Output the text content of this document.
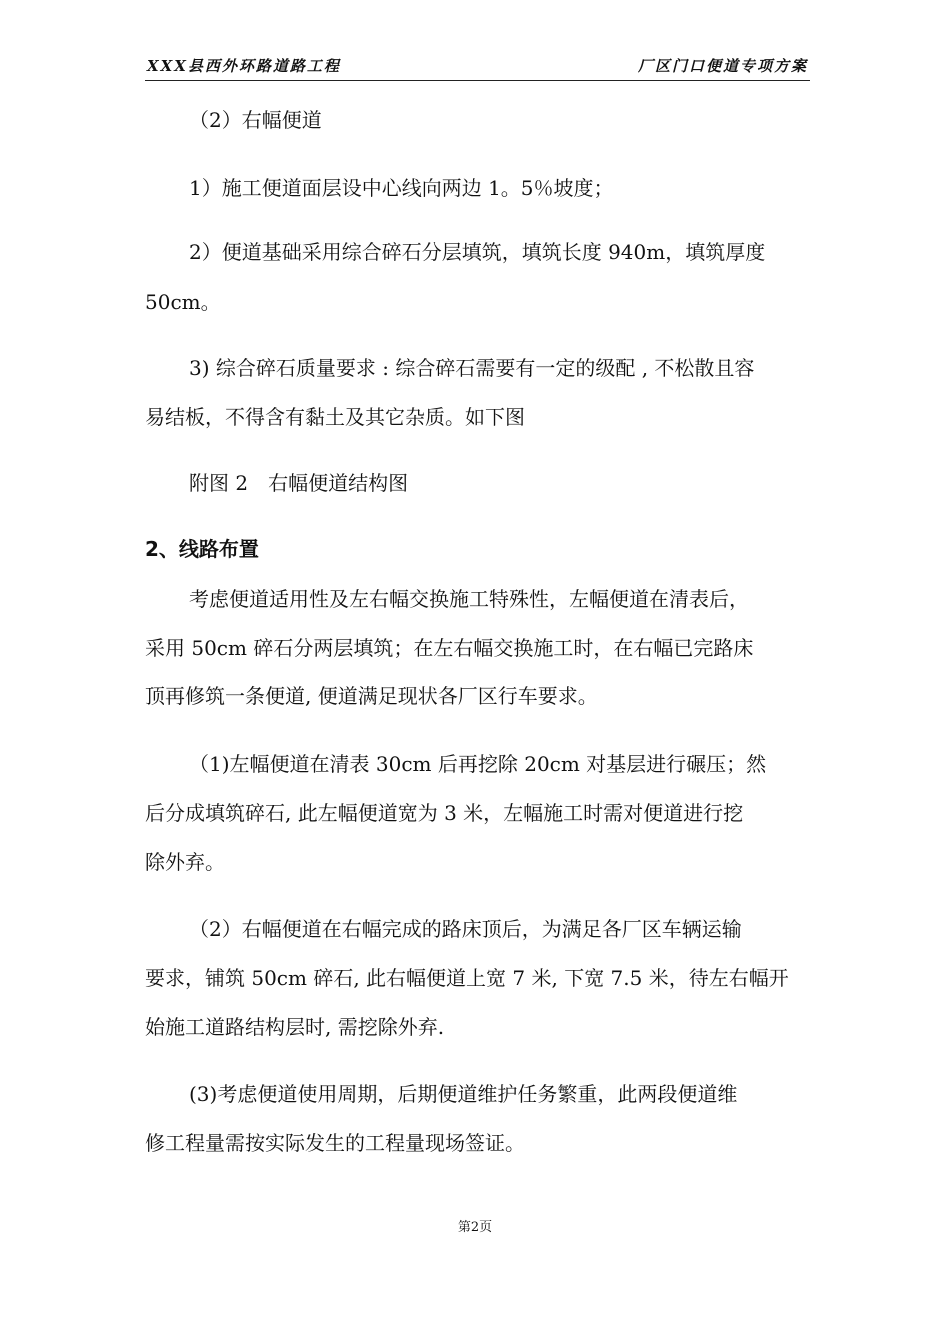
XXX县西外环路道路工程	厂区门口便道专项方案
（2）右幅便道
1）施工便道面层设中心线向两边 1。5％坡度；
2）便道基础采用综合碎石分层填筑，填筑长度 940m，填筑厚度
50cm。
3) 综合碎石质量要求 : 综合碎石需要有一定的级配 , 不松散且容
易结板，不得含有黏土及其它杂质。如下图
附图 2　右幅便道结构图
2、线路布置
考虑便道适用性及左右幅交换施工特殊性，左幅便道在清表后，
采用 50cm 碎石分两层填筑；在左右幅交换施工时，在右幅已完路床
顶再修筑一条便道, 便道满足现状各厂区行车要求。
（1)左幅便道在清表 30cm 后再挖除 20cm 对基层进行碾压；然
后分成填筑碎石, 此左幅便道宽为 3 米，左幅施工时需对便道进行挖
除外弃。
（2）右幅便道在右幅完成的路床顶后，为满足各厂区车辆运输
要求，铺筑 50cm 碎石, 此右幅便道上宽 7 米, 下宽 7.5 米，待左右幅开
始施工道路结构层时, 需挖除外弃.
(3)考虑便道使用周期，后期便道维护任务繁重，此两段便道维
修工程量需按实际发生的工程量现场签证。
第2页
